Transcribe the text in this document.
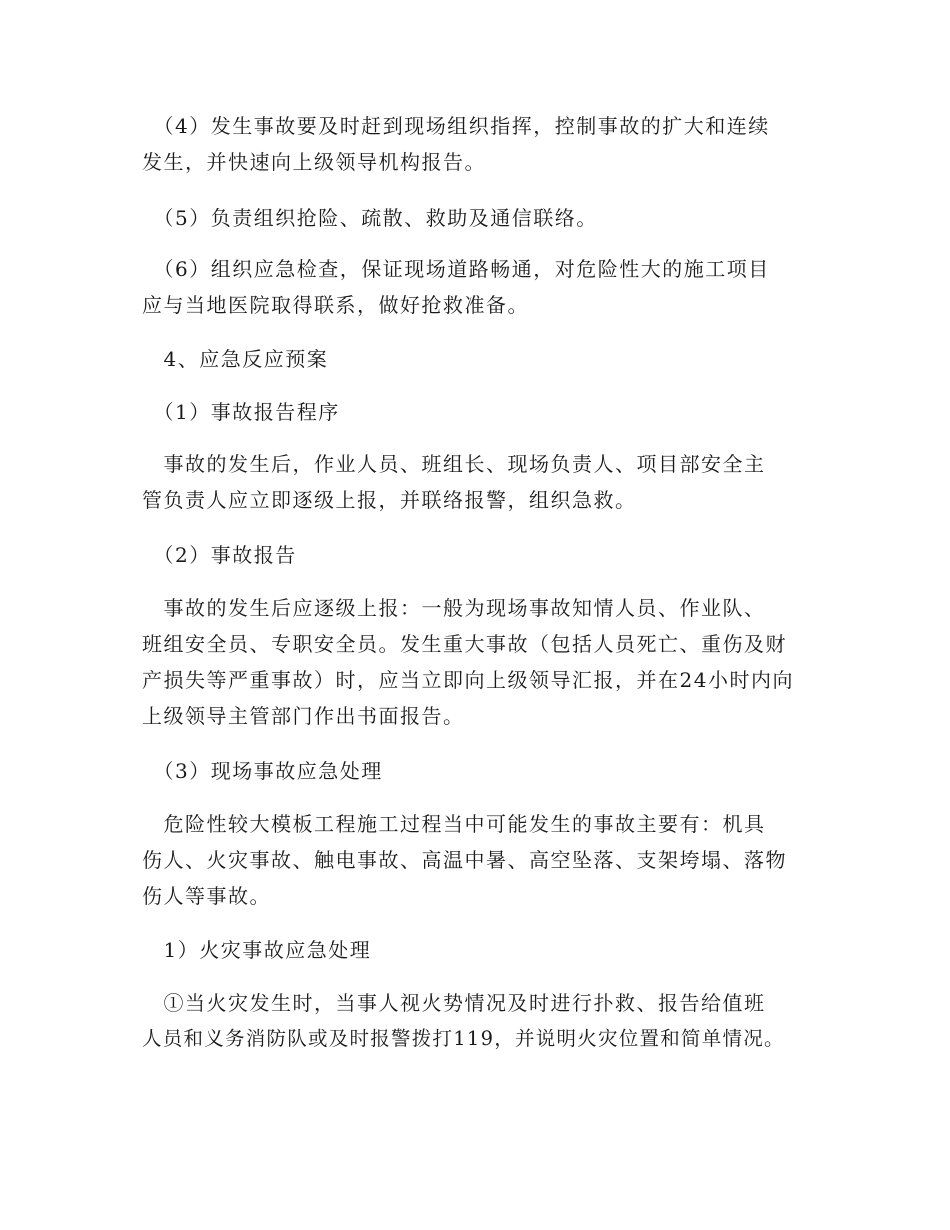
　（4）发生事故要及时赶到现场组织指挥，控制事故的扩大和连续
发生，并快速向上级领导机构报告。
　（5）负责组织抢险、疏散、救助及通信联络。
　（6）组织应急检查，保证现场道路畅通，对危险性大的施工项目
应与当地医院取得联系，做好抢救准备。
　4、应急反应预案
　（1）事故报告程序
　事故的发生后，作业人员、班组长、现场负责人、项目部安全主
管负责人应立即逐级上报，并联络报警，组织急救。
　（2）事故报告
　事故的发生后应逐级上报：一般为现场事故知情人员、作业队、
班组安全员、专职安全员。发生重大事故（包括人员死亡、重伤及财
产损失等严重事故）时，应当立即向上级领导汇报，并在24小时内向
上级领导主管部门作出书面报告。
　（3）现场事故应急处理
　危险性较大模板工程施工过程当中可能发生的事故主要有：机具
伤人、火灾事故、触电事故、高温中暑、高空坠落、支架垮塌、落物
伤人等事故。
　1）火灾事故应急处理
　①当火灾发生时，当事人视火势情况及时进行扑救、报告给值班
人员和义务消防队或及时报警拨打119，并说明火灾位置和简单情况。
